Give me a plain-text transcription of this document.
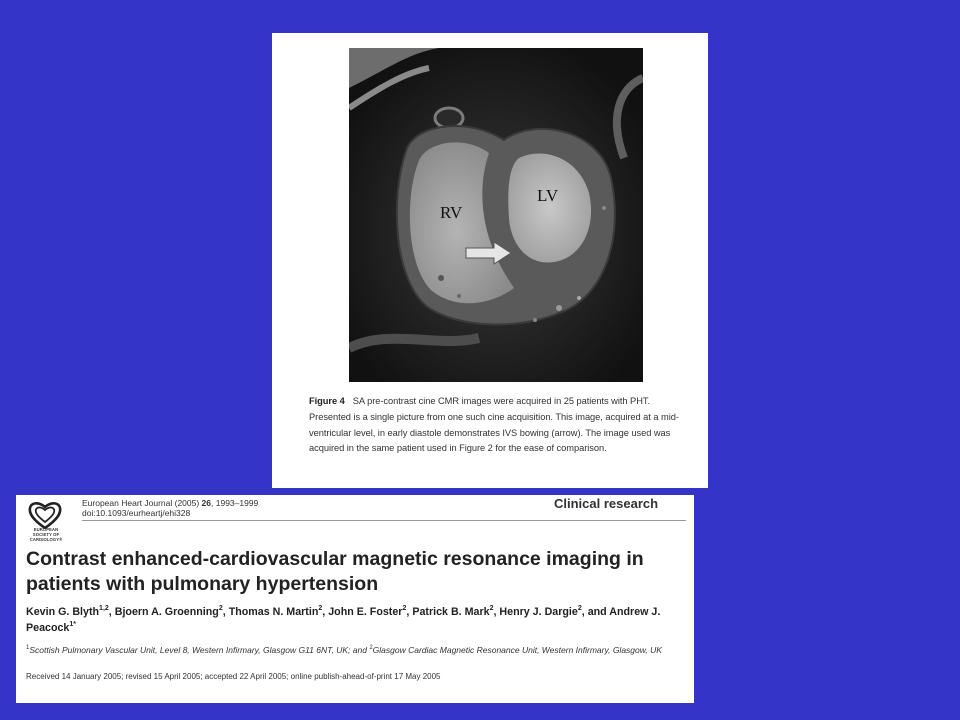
RV
LV

Figure 4 SA pre-contrast cine CMR images were acquired in 25 patients with PHT. Presented is a single picture from one such cine acquisition. This image, acquired at a mid-ventricular level, in early diastole demonstrates IVS bowing (arrow). The image used was acquired in the same patient used in Figure 2 for the ease of comparison.

EUROPEAN SOCIETY OF CARDIOLOGY®
European Heart Journal (2005) 26, 1993–1999
doi:10.1093/eurheartj/ehi328
Clinical research
Contrast enhanced-cardiovascular magnetic resonance imaging in patients with pulmonary hypertension

Kevin G. Blyth$^{1,2}$, Bjoern A. Groenning$^2$, Thomas N. Martin$^2$, John E. Foster$^2$, Patrick B. Mark$^2$, Henry J. Dargie$^2$, and Andrew J. Peacock$^{1*}$

$^1$Scottish Pulmonary Vascular Unit, Level 8, Western Infirmary, Glasgow G11 6NT, UK; and $^2$Glasgow Cardiac Magnetic Resonance Unit, Western Infirmary, Glasgow, UK

Received 14 January 2005; revised 15 April 2005; accepted 22 April 2005; online publish-ahead-of-print 17 May 2005
